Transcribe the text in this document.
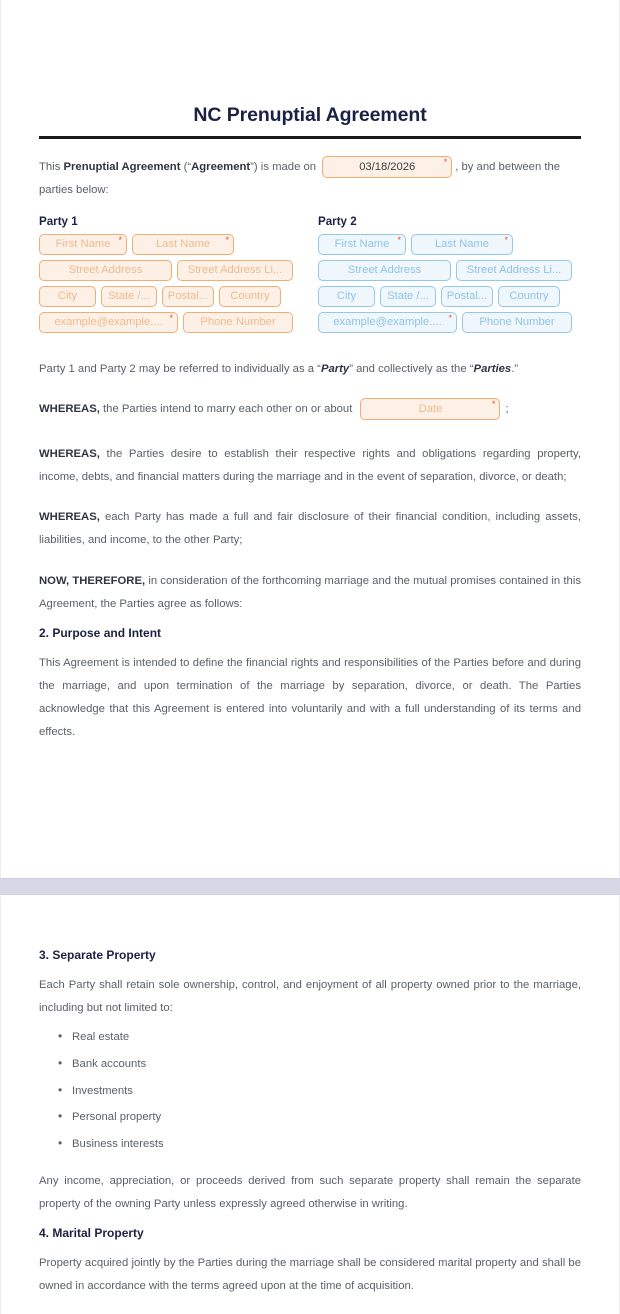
NC Prenuptial Agreement

This Prenuptial Agreement (“Agreement”) is made on	03/18/2026	* , by and between the
parties below:

Party 1
First Name *	Last Name *
Street Address	Street Address Li...
City	State /...	Postal...	Country
example@example.... *	Phone Number
Party 2
First Name *	Last Name *
Street Address	Street Address Li...
City	State /...	Postal...	Country
example@example.... *	Phone Number

Party 1 and Party 2 may be referred to individually as a “Party” and collectively as the “Parties.”

WHEREAS, the Parties intend to marry each other on or about	Date	* ;

WHEREAS, the Parties desire to establish their respective rights and obligations regarding property, income, debts, and financial matters during the marriage and in the event of separation, divorce, or death;

WHEREAS, each Party has made a full and fair disclosure of their financial condition, including assets, liabilities, and income, to the other Party;

NOW, THEREFORE, in consideration of the forthcoming marriage and the mutual promises contained in this Agreement, the Parties agree as follows:

2. Purpose and Intent

This Agreement is intended to define the financial rights and responsibilities of the Parties before and during the marriage, and upon termination of the marriage by separation, divorce, or death. The Parties acknowledge that this Agreement is entered into voluntarily and with a full understanding of its terms and effects.

3. Separate Property

Each Party shall retain sole ownership, control, and enjoyment of all property owned prior to the marriage, including but not limited to:

• Real estate
• Bank accounts
• Investments
• Personal property
• Business interests

Any income, appreciation, or proceeds derived from such separate property shall remain the separate property of the owning Party unless expressly agreed otherwise in writing.

4. Marital Property

Property acquired jointly by the Parties during the marriage shall be considered marital property and shall be owned in accordance with the terms agreed upon at the time of acquisition.
